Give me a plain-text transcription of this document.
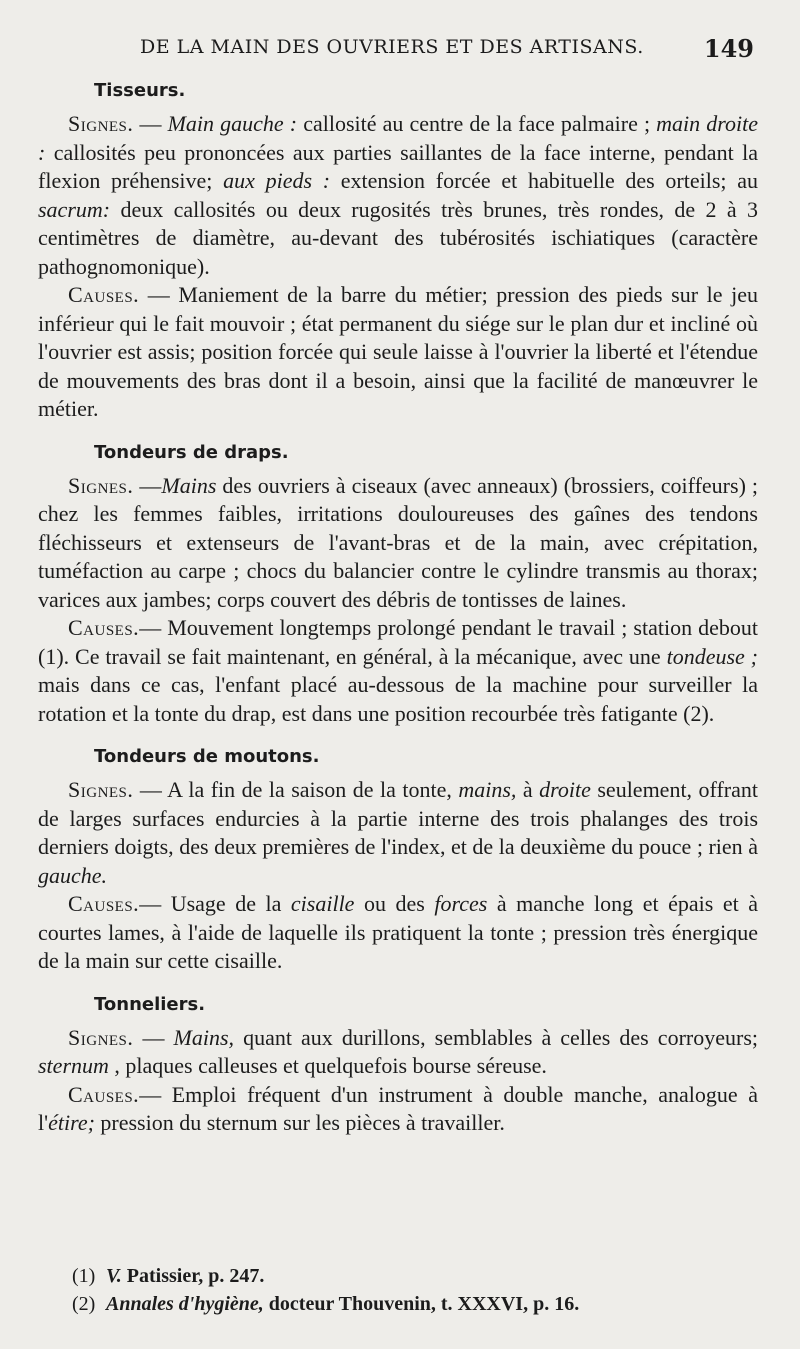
DE LA MAIN DES OUVRIERS ET DES ARTISANS.	149
Tisseurs.

Signes. — Main gauche : callosité au centre de la face palmaire ; main droite : callosités peu prononcées aux parties saillantes de la face interne, pendant la flexion préhensive; aux pieds : extension forcée et habituelle des orteils; au sacrum: deux callosités ou deux rugosités très brunes, très rondes, de 2 à 3 centimètres de diamètre, au-devant des tubérosités ischiatiques (caractère pathognomonique).

Causes. — Maniement de la barre du métier; pression des pieds sur le jeu inférieur qui le fait mouvoir ; état permanent du siége sur le plan dur et incliné où l'ouvrier est assis; position forcée qui seule laisse à l'ouvrier la liberté et l'étendue de mouvements des bras dont il a besoin, ainsi que la facilité de manœuvrer le métier.

Tondeurs de draps.

Signes. —Mains des ouvriers à ciseaux (avec anneaux) (brossiers, coiffeurs) ; chez les femmes faibles, irritations douloureuses des gaînes des tendons fléchisseurs et extenseurs de l'avant-bras et de la main, avec crépitation, tuméfaction au carpe ; chocs du balancier contre le cylindre transmis au thorax; varices aux jambes; corps couvert des débris de tontisses de laines.

Causes.— Mouvement longtemps prolongé pendant le travail ; station debout (1). Ce travail se fait maintenant, en général, à la mécanique, avec une tondeuse ; mais dans ce cas, l'enfant placé au-dessous de la machine pour surveiller la rotation et la tonte du drap, est dans une position recourbée très fatigante (2).

Tondeurs de moutons.

Signes. — A la fin de la saison de la tonte, mains, à droite seulement, offrant de larges surfaces endurcies à la partie interne des trois phalanges des trois derniers doigts, des deux premières de l'index, et de la deuxième du pouce ; rien à gauche.

Causes.— Usage de la cisaille ou des forces à manche long et épais et à courtes lames, à l'aide de laquelle ils pratiquent la tonte ; pression très énergique de la main sur cette cisaille.

Tonneliers.

Signes. — Mains, quant aux durillons, semblables à celles des corroyeurs; sternum , plaques calleuses et quelquefois bourse séreuse.

Causes.— Emploi fréquent d'un instrument à double manche, analogue à l'étire; pression du sternum sur les pièces à travailler.

(1) V. Patissier, p. 247.
(2) Annales d'hygiène, docteur Thouvenin, t. XXXVI, p. 16.
